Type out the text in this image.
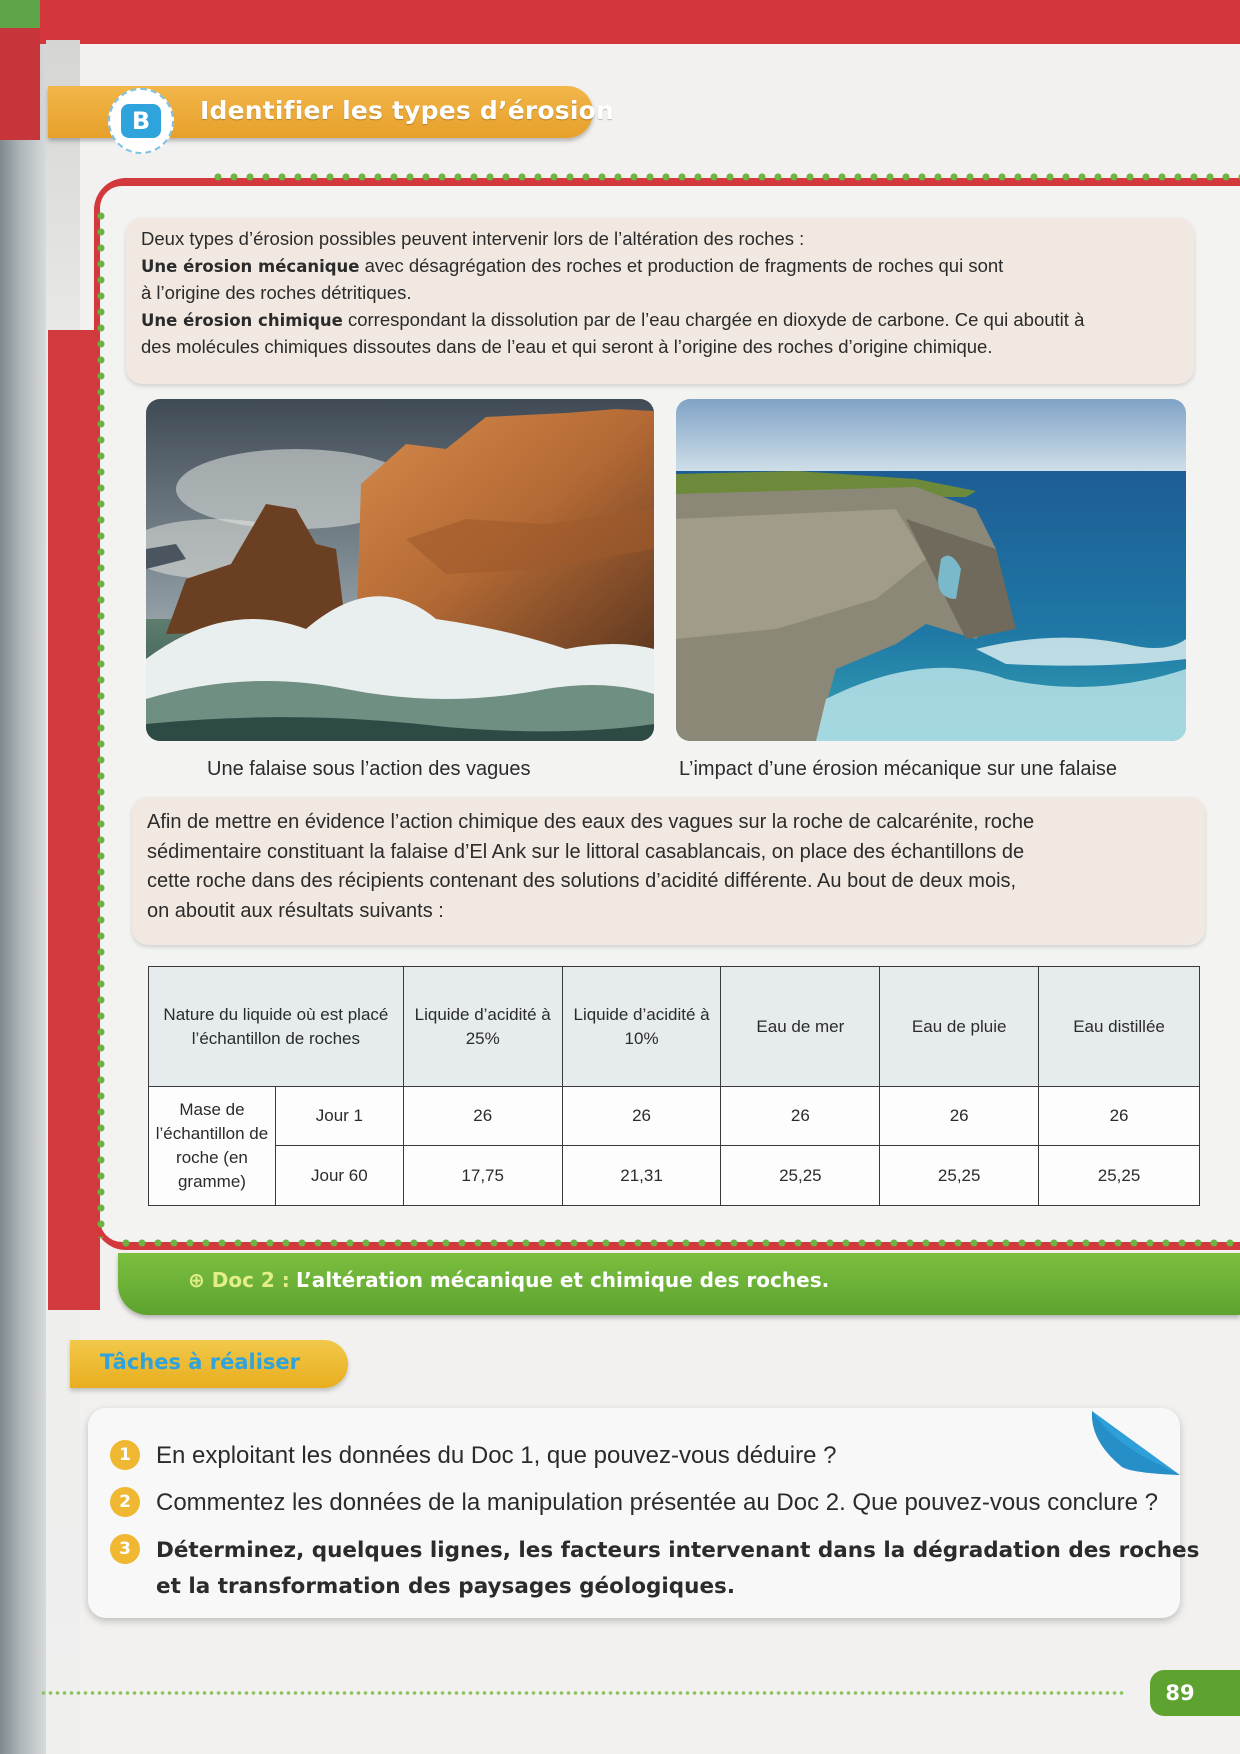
B	Identifier les types d’érosion
Deux types d’érosion possibles peuvent intervenir lors de l’altération des roches :
Une érosion mécanique avec désagrégation des roches et production de fragments de roches qui sont
à l’origine des roches détritiques.
Une érosion chimique correspondant la dissolution par de l’eau chargée en dioxyde de carbone. Ce qui aboutit à
des molécules chimiques dissoutes dans de l’eau et qui seront à l’origine des roches d’origine chimique.
Une falaise sous l’action des vagues	L’impact d’une érosion mécanique sur une falaise
Afin de mettre en évidence l’action chimique des eaux des vagues sur la roche de calcarénite, roche
sédimentaire constituant la falaise d’El Ank sur le littoral casablancais, on place des échantillons de
cette roche dans des récipients contenant des solutions d’acidité différente. Au bout de deux mois,
on aboutit aux résultats suivants :
Nature du liquide où est placé l’échantillon de roches		Liquide d’acidité à 25%	Liquide d’acidité à 10%	Eau de mer	Eau de pluie	Eau distillée
Mase de l’échantillon de roche (en gramme)	Jour 1	26	26	26	26	26
	Jour 60	17,75	21,31	25,25	25,25	25,25
⊕ Doc 2 : L’altération mécanique et chimique des roches.
Tâches à réaliser
1	En exploitant les données du Doc 1, que pouvez-vous déduire ?
2	Commentez les données de la manipulation présentée au Doc 2. Que pouvez-vous conclure ?
3	Déterminez, quelques lignes, les facteurs intervenant dans la dégradation des roches
et la transformation des paysages géologiques.
89
